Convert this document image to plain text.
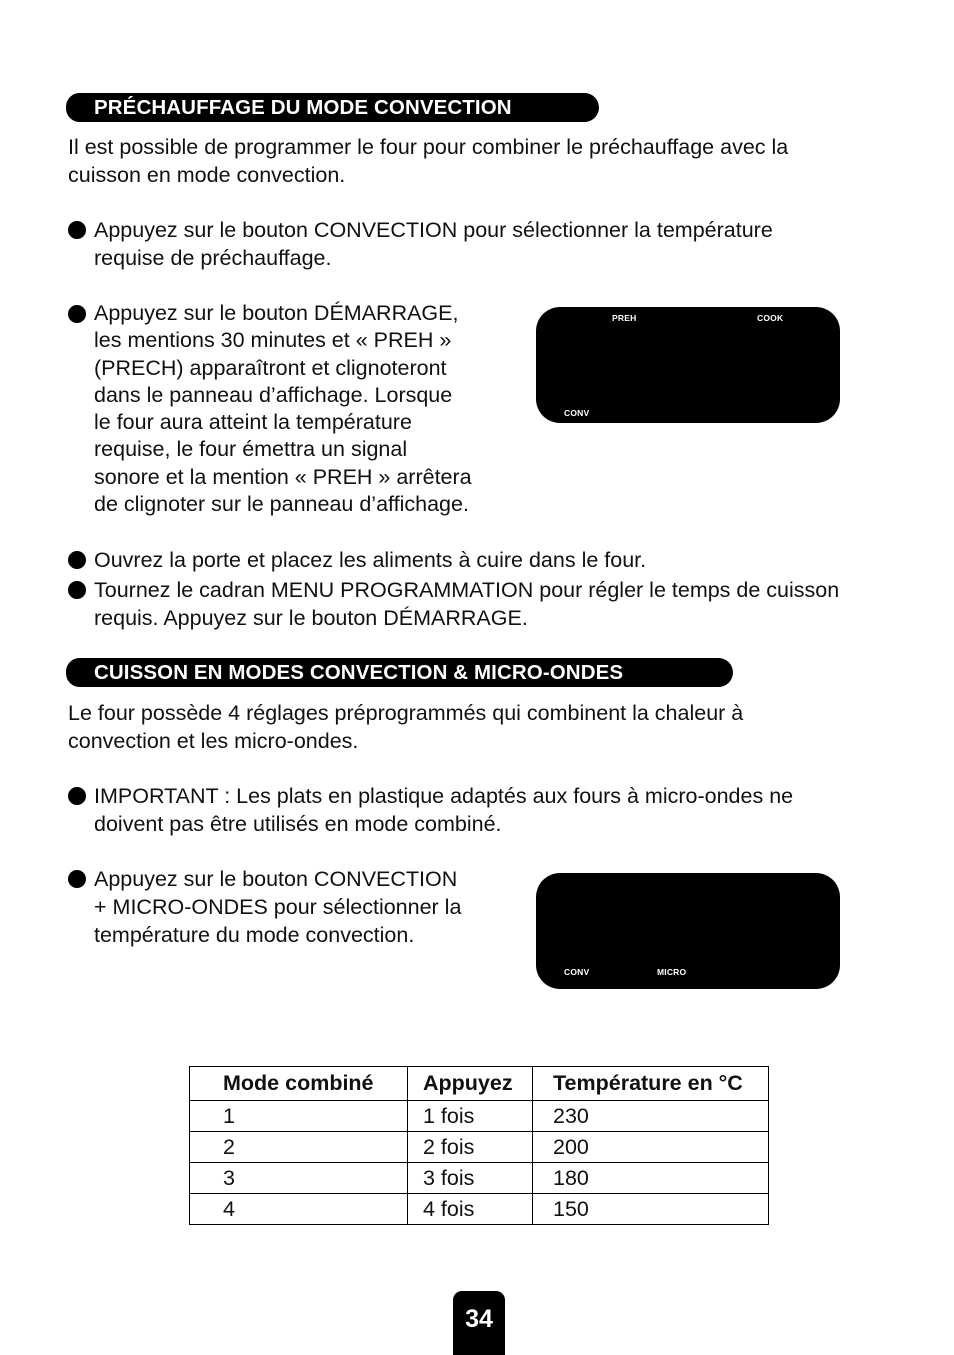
PRÉCHAUFFAGE DU MODE CONVECTION
Il est possible de programmer le four pour combiner le préchauffage avec la
cuisson en mode convection.
Appuyez sur le bouton CONVECTION pour sélectionner la température
requise de préchauffage.
Appuyez sur le bouton DÉMARRAGE,
les mentions 30 minutes et « PREH »
(PRECH) apparaîtront et clignoteront
dans le panneau d’affichage. Lorsque
le four aura atteint la température
requise, le four émettra un signal
sonore et la mention « PREH » arrêtera
de clignoter sur le panneau d’affichage.
PREH	COOK
CONV
Ouvrez la porte et placez les aliments à cuire dans le four.
Tournez le cadran MENU PROGRAMMATION pour régler le temps de cuisson
requis. Appuyez sur le bouton DÉMARRAGE.
CUISSON EN MODES CONVECTION & MICRO-ONDES
Le four possède 4 réglages préprogrammés qui combinent la chaleur à
convection et les micro-ondes.
IMPORTANT : Les plats en plastique adaptés aux fours à micro-ondes ne
doivent pas être utilisés en mode combiné.
Appuyez sur le bouton CONVECTION
+ MICRO-ONDES pour sélectionner la
température du mode convection.
CONV	MICRO
Mode combiné	Appuyez	Température en °C
1	1 fois	230
2	2 fois	200
3	3 fois	180
4	4 fois	150
34
